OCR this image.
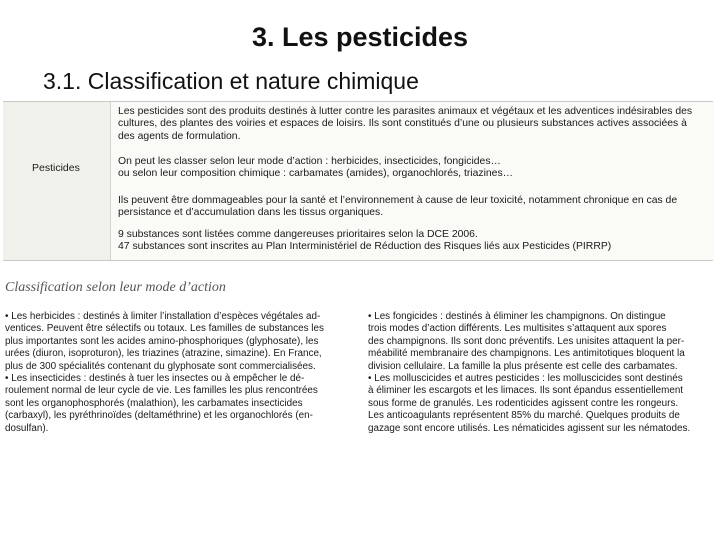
3. Les pesticides
3.1. Classification et nature chimique
Pesticides
Les pesticides sont des produits destinés à lutter contre les parasites animaux et végétaux et les adventices indésirables des
cultures, des plantes des voiries et espaces de loisirs. Ils sont constitués d’une ou plusieurs substances actives associées à
des agents de formulation.
On peut les classer selon leur mode d’action : herbicides, insecticides, fongicides…
ou selon leur composition chimique : carbamates (amides), organochlorés, triazines…
Ils peuvent être dommageables pour la santé et l’environnement à cause de leur toxicité, notamment chronique en cas de
persistance et d’accumulation dans les tissus organiques.
9 substances sont listées comme dangereuses prioritaires selon la DCE 2006.
47 substances sont inscrites au Plan Interministériel de Réduction des Risques liés aux Pesticides (PIRRP)
Classification selon leur mode d’action
• Les herbicides : destinés à limiter l’installation d’espèces végétales ad-
ventices. Peuvent être sélectifs ou totaux. Les familles de substances les
plus importantes sont les acides amino-phosphoriques (glyphosate), les
urées (diuron, isoproturon), les triazines (atrazine, simazine). En France,
plus de 300 spécialités contenant du glyphosate sont commercialisées.
• Les insecticides : destinés à tuer les insectes ou à empêcher le dé-
roulement normal de leur cycle de vie. Les familles les plus rencontrées
sont les organophosphorés (malathion), les carbamates insecticides
(carbaxyl), les pyréthrinoïdes (deltaméthrine) et les organochlorés (en-
dosulfan).
• Les fongicides : destinés à éliminer les champignons. On distingue
trois modes d’action différents. Les multisites s’attaquent aux spores
des champignons. Ils sont donc préventifs. Les unisites attaquent la per-
méabilité membranaire des champignons. Les antimitotiques bloquent la
division cellulaire. La famille la plus présente est celle des carbamates.
• Les molluscicides et autres pesticides : les molluscicides sont destinés
à éliminer les escargots et les limaces. Ils sont épandus essentiellement
sous forme de granulés. Les rodenticides agissent contre les rongeurs.
Les anticoagulants représentent 85% du marché. Quelques produits de
gazage sont encore utilisés. Les nématicides agissent sur les nématodes.
